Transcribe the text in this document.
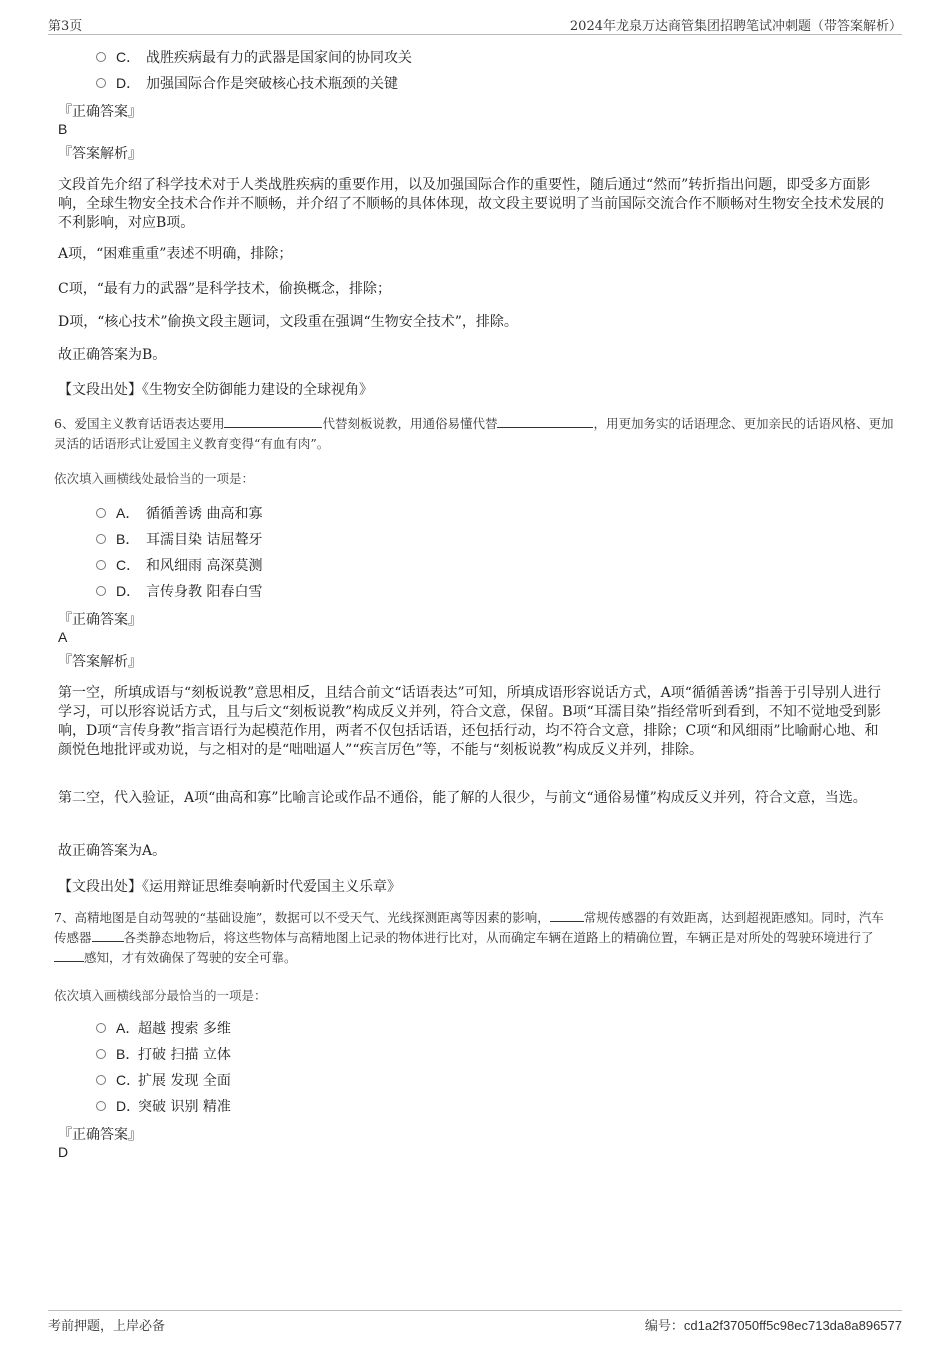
第3页	2024年龙泉万达商管集团招聘笔试冲刺题（带答案解析）
C． 战胜疾病最有力的武器是国家间的协同攻关
D． 加强国际合作是突破核心技术瓶颈的关键
『正确答案』
B
『答案解析』
文段首先介绍了科学技术对于人类战胜疾病的重要作用，以及加强国际合作的重要性，随后通过“然而”转折指出问题，即受多方面影响，全球生物安全技术合作并不顺畅，并介绍了不顺畅的具体体现，故文段主要说明了当前国际交流合作不顺畅对生物安全技术发展的不利影响，对应B项。
A项，“困难重重”表述不明确，排除；
C项，“最有力的武器”是科学技术，偷换概念，排除；
D项，“核心技术”偷换文段主题词，文段重在强调“生物安全技术”，排除。
故正确答案为B。
【文段出处】《生物安全防御能力建设的全球视角》
6、爱国主义教育话语表达要用	代替刻板说教，用通俗易懂代替	，用更加务实的话语理念、更加亲民的话语风格、更加灵活的话语形式让爱国主义教育变得“有血有肉”。
依次填入画横线处最恰当的一项是：
A． 循循善诱 曲高和寡
B． 耳濡目染 诘屈聱牙
C． 和风细雨 高深莫测
D． 言传身教 阳春白雪
『正确答案』
A
『答案解析』
第一空，所填成语与“刻板说教”意思相反，且结合前文“话语表达”可知，所填成语形容说话方式，A项“循循善诱”指善于引导别人进行学习，可以形容说话方式，且与后文“刻板说教”构成反义并列，符合文意，保留。B项“耳濡目染”指经常听到看到，不知不觉地受到影响，D项“言传身教”指言语行为起模范作用，两者不仅包括话语，还包括行动，均不符合文意，排除；C项“和风细雨”比喻耐心地、和颜悦色地批评或劝说，与之相对的是“咄咄逼人”“疾言厉色”等，不能与“刻板说教”构成反义并列，排除。
第二空，代入验证，A项“曲高和寡”比喻言论或作品不通俗，能了解的人很少，与前文“通俗易懂”构成反义并列，符合文意，当选。
故正确答案为A。
【文段出处】《运用辩证思维奏响新时代爱国主义乐章》
7、高精地图是自动驾驶的“基础设施”，数据可以不受天气、光线探测距离等因素的影响，	常规传感器的有效距离，达到超视距感知。同时，汽车传感器	各类静态地物后，将这些物体与高精地图上记录的物体进行比对，从而确定车辆在道路上的精确位置，车辆正是对所处的驾驶环境进行了感知，才有效确保了驾驶的安全可靠。
依次填入画横线部分最恰当的一项是：
A．超越 搜索 多维
B．打破 扫描 立体
C．扩展 发现 全面
D．突破 识别 精准
『正确答案』
D
考前押题，上岸必备	编号：cd1a2f37050ff5c98ec713da8a896577
